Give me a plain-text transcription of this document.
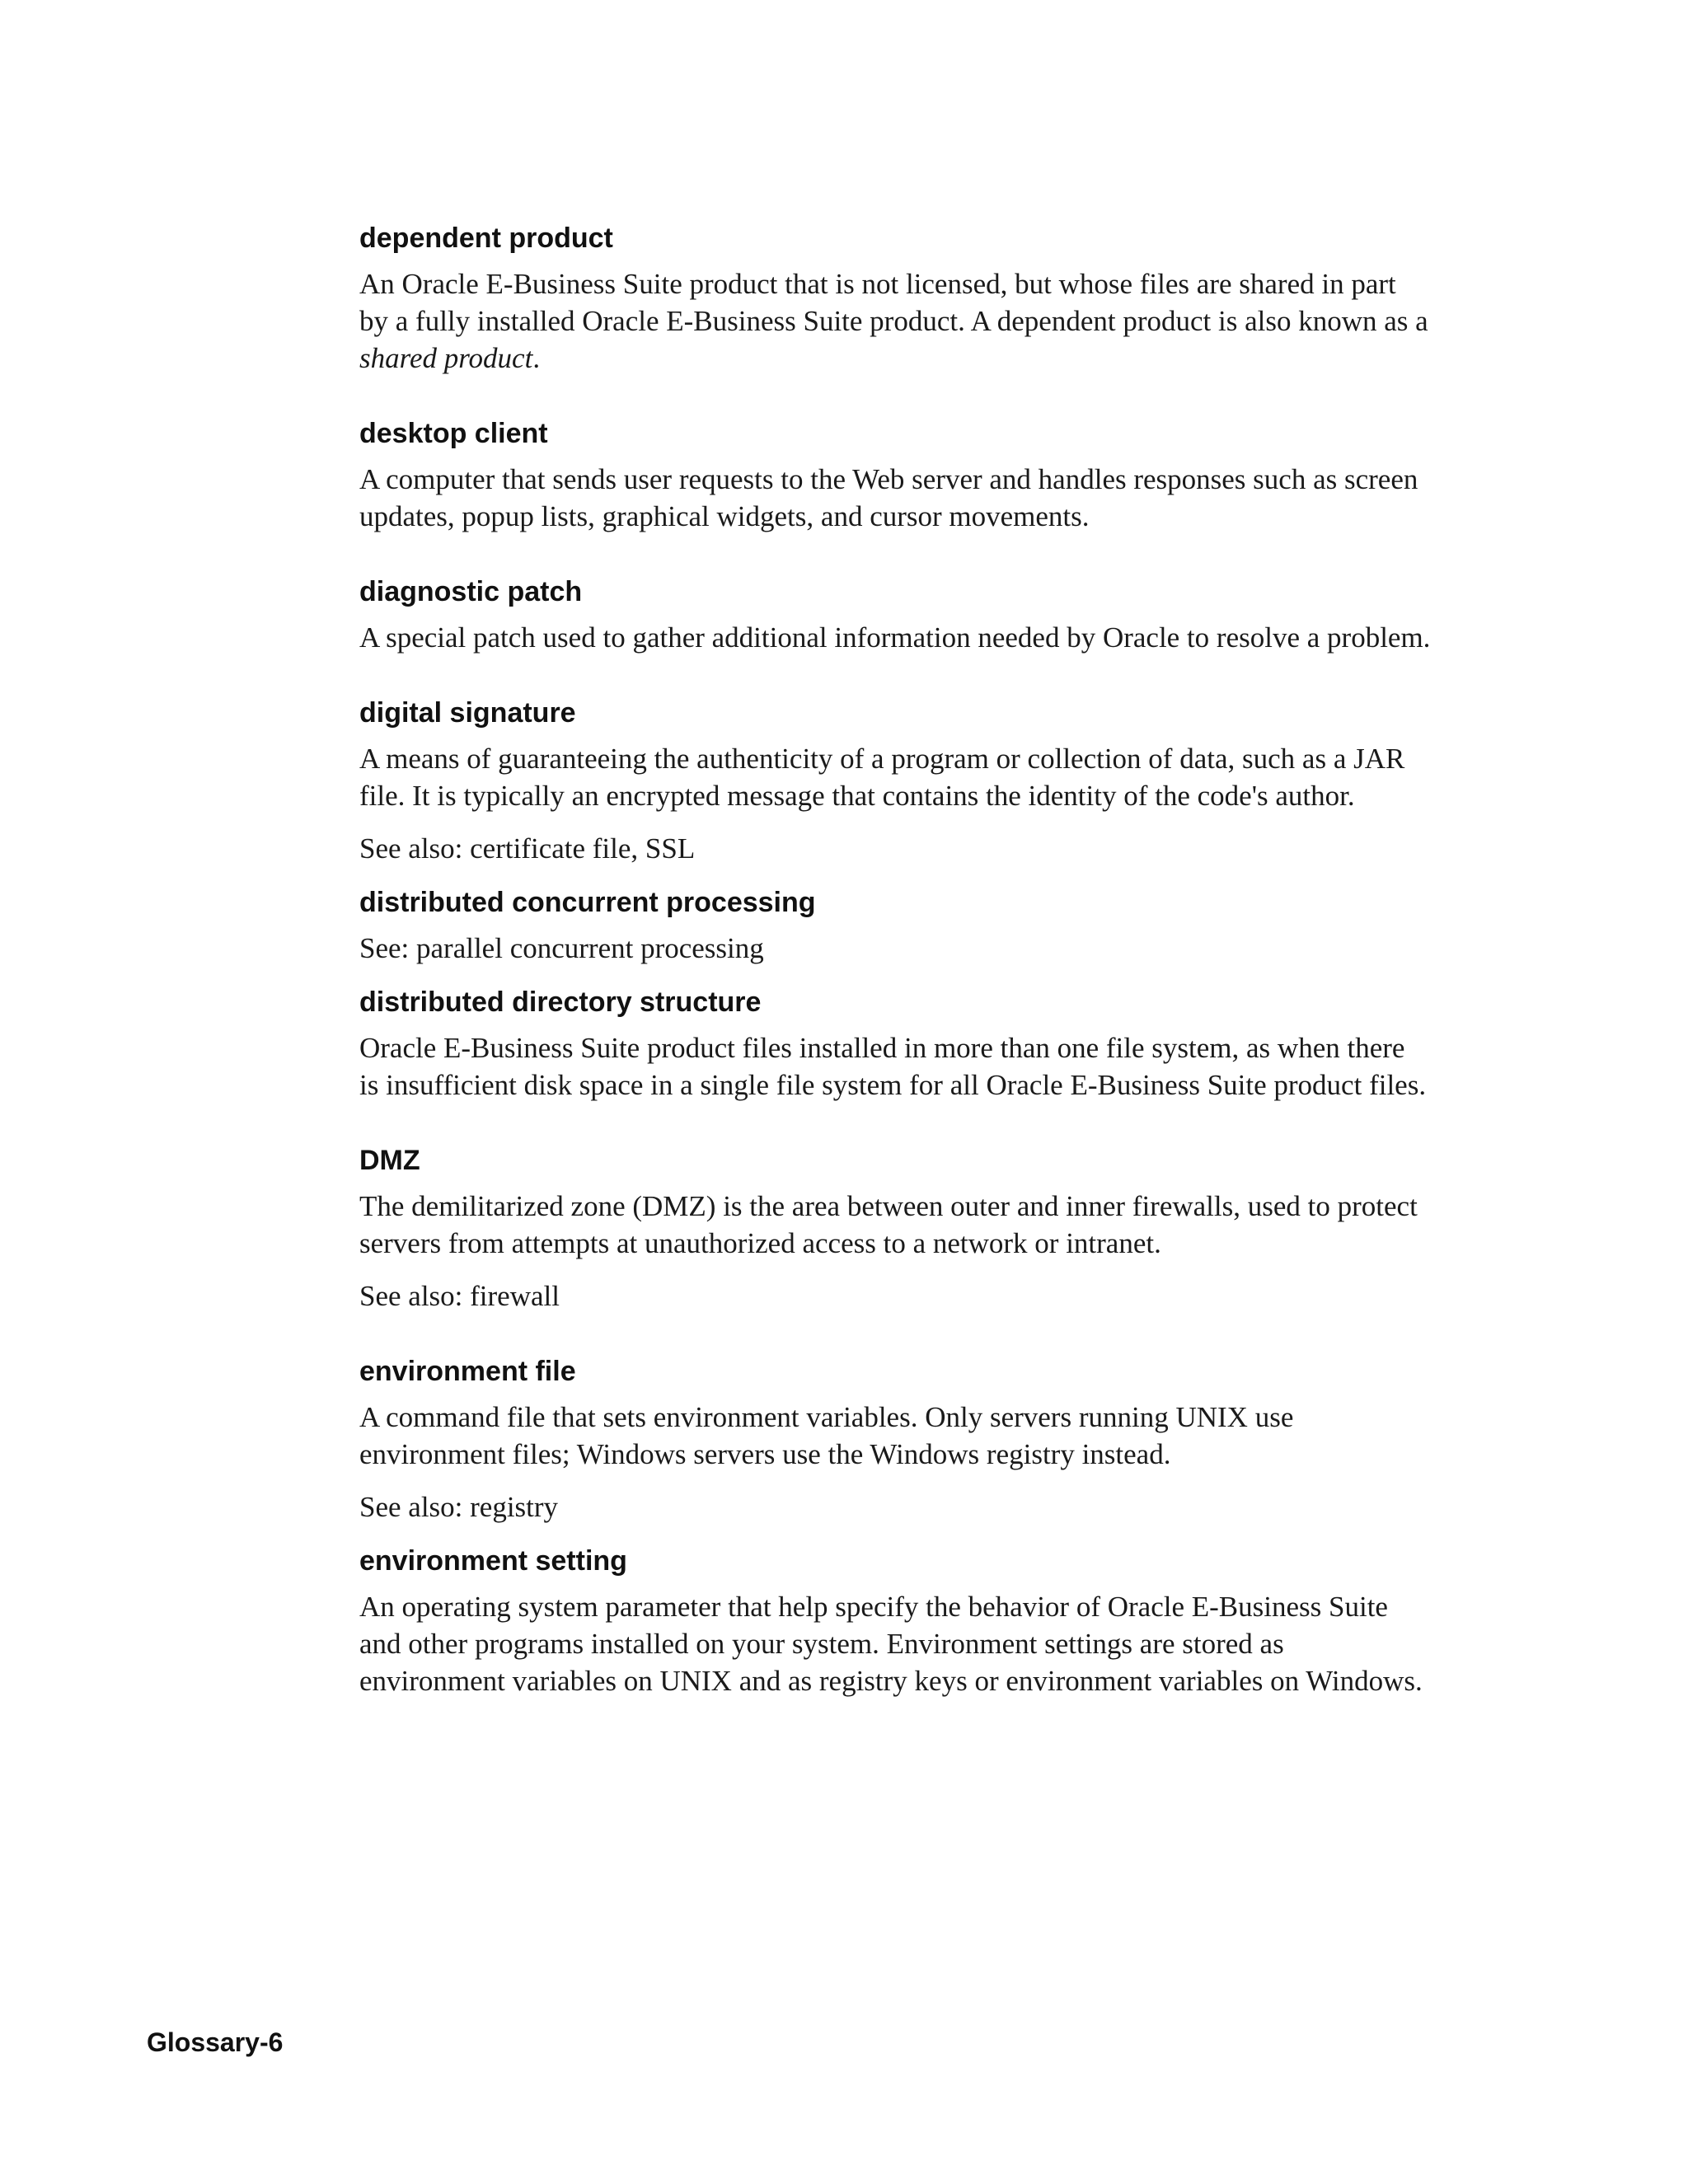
dependent product

An Oracle E-Business Suite product that is not licensed, but whose files are shared in part by a fully installed Oracle E-Business Suite product. A dependent product is also known as a shared product.

desktop client

A computer that sends user requests to the Web server and handles responses such as screen updates, popup lists, graphical widgets, and cursor movements.

diagnostic patch

A special patch used to gather additional information needed by Oracle to resolve a problem.

digital signature

A means of guaranteeing the authenticity of a program or collection of data, such as a JAR file. It is typically an encrypted message that contains the identity of the code's author.

See also: certificate file, SSL

distributed concurrent processing

See: parallel concurrent processing

distributed directory structure

Oracle E-Business Suite product files installed in more than one file system, as when there is insufficient disk space in a single file system for all Oracle E-Business Suite product files.

DMZ

The demilitarized zone (DMZ) is the area between outer and inner firewalls, used to protect servers from attempts at unauthorized access to a network or intranet.

See also: firewall

environment file

A command file that sets environment variables. Only servers running UNIX use environment files; Windows servers use the Windows registry instead.

See also: registry

environment setting

An operating system parameter that help specify the behavior of Oracle E-Business Suite and other programs installed on your system. Environment settings are stored as environment variables on UNIX and as registry keys or environment variables on Windows.

Glossary-6
